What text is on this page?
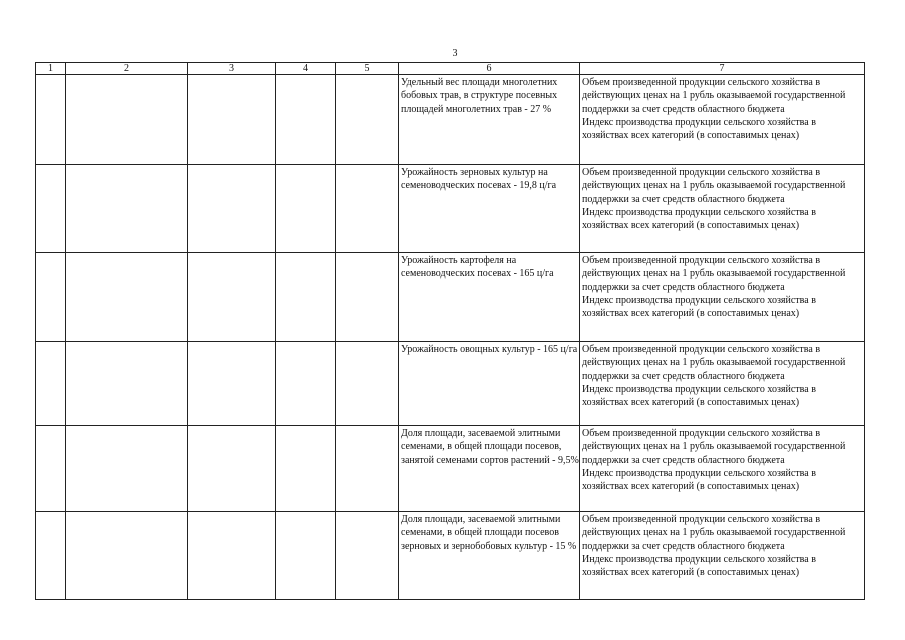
3
1	2	3	4	5	6	7

					Удельный вес площади многолетних бобовых трав, в структуре посевных площадей многолетних трав - 27 %	Объем произведенной продукции сельского хозяйства в действующих ценах на 1 рубль оказываемой государственной поддержки за счет средств областного бюджета
Индекс производства продукции сельского хозяйства в хозяйствах всех категорий (в сопоставимых ценах)

					Урожайность зерновых культур на семеноводческих посевах - 19,8 ц/га	Объем произведенной продукции сельского хозяйства в действующих ценах на 1 рубль оказываемой государственной поддержки за счет средств областного бюджета
Индекс производства продукции сельского хозяйства в хозяйствах всех категорий (в сопоставимых ценах)

					Урожайность картофеля на семеноводческих посевах - 165 ц/га	Объем произведенной продукции сельского хозяйства в действующих ценах на 1 рубль оказываемой государственной поддержки за счет средств областного бюджета
Индекс производства продукции сельского хозяйства в хозяйствах всех категорий (в сопоставимых ценах)

					Урожайность овощных культур - 165 ц/га	Объем произведенной продукции сельского хозяйства в действующих ценах на 1 рубль оказываемой государственной поддержки за счет средств областного бюджета
Индекс производства продукции сельского хозяйства в хозяйствах всех категорий (в сопоставимых ценах)

					Доля площади, засеваемой элитными семенами, в общей площади посевов, занятой семенами сортов растений - 9,5%	Объем произведенной продукции сельского хозяйства в действующих ценах на 1 рубль оказываемой государственной поддержки за счет средств областного бюджета
Индекс производства продукции сельского хозяйства в хозяйствах всех категорий (в сопоставимых ценах)

					Доля площади, засеваемой элитными семенами, в общей площади посевов зерновых и зернобобовых культур - 15 %	Объем произведенной продукции сельского хозяйства в действующих ценах на 1 рубль оказываемой государственной поддержки за счет средств областного бюджета
Индекс производства продукции сельского хозяйства в хозяйствах всех категорий (в сопоставимых ценах)
